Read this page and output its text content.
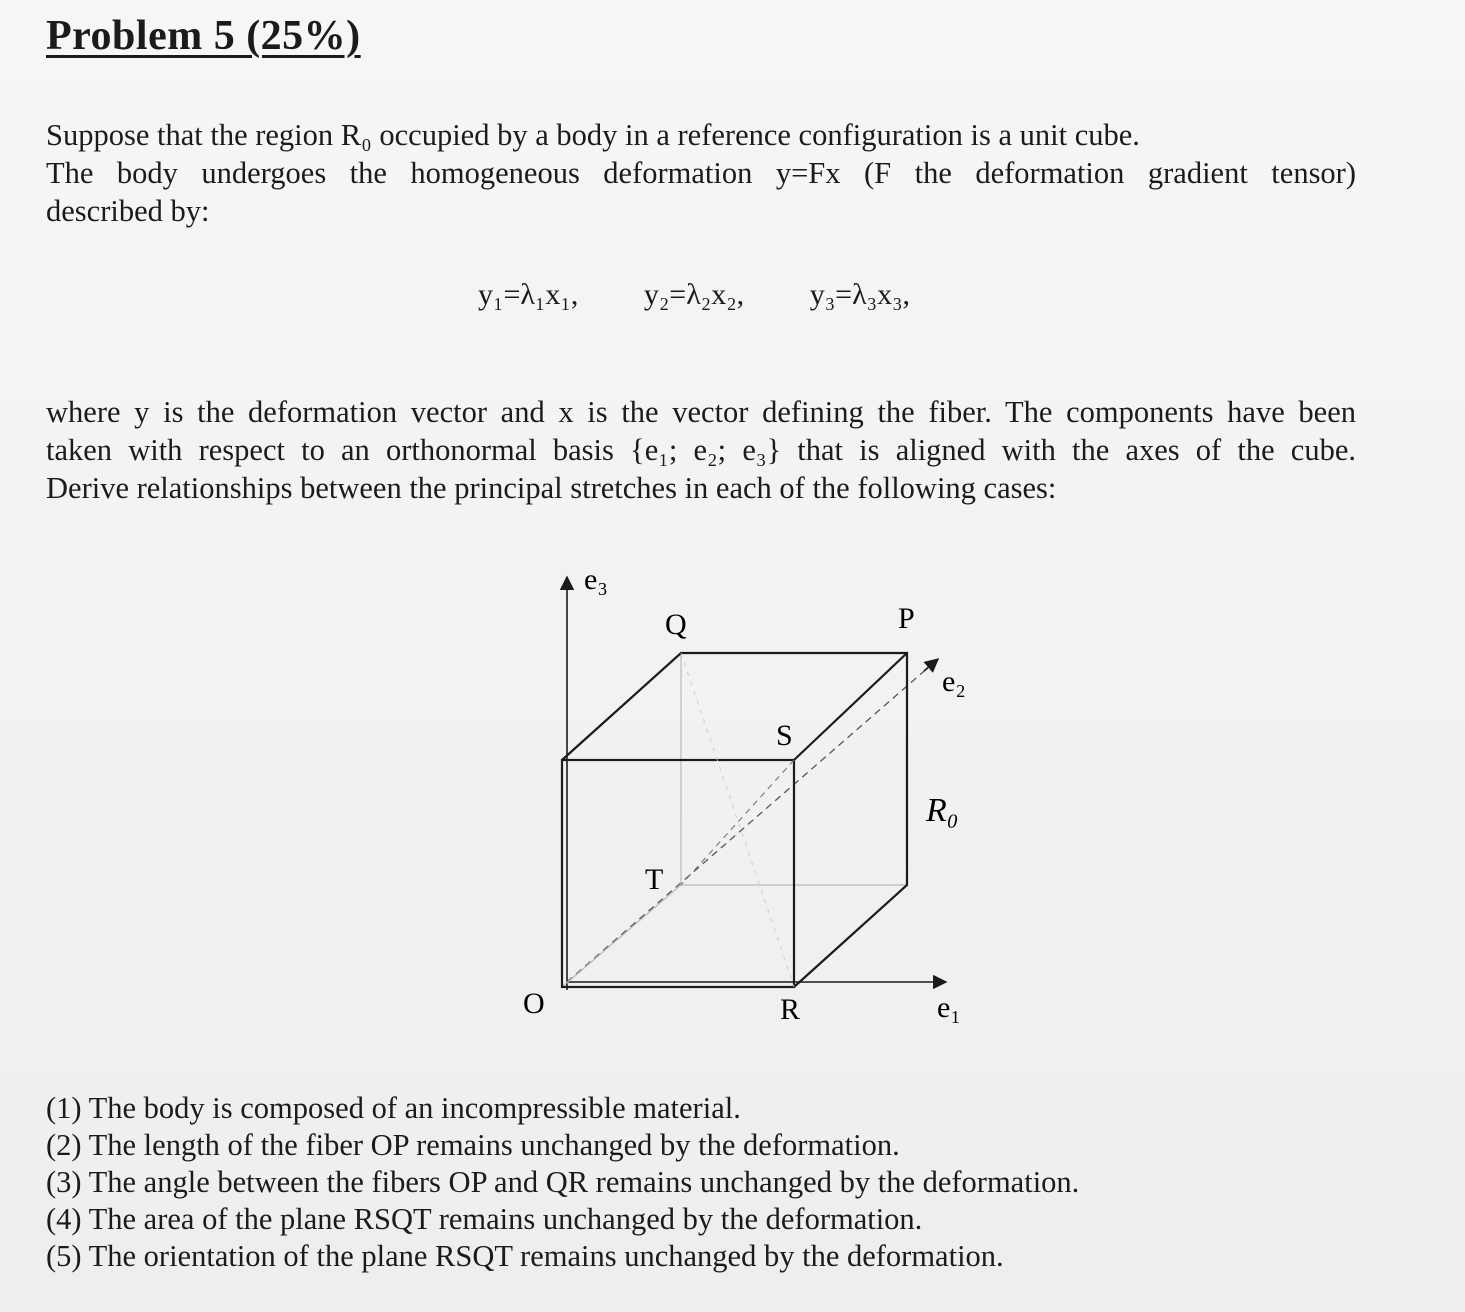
Problem 5 (25%)
Suppose that the region R₀ occupied by a body in a reference configuration is a unit cube.
The body undergoes the homogeneous deformation y=Fx (F the deformation gradient tensor)
described by:
y₁=λ₁x₁, y₂=λ₂x₂, y₃=λ₃x₃,
where y is the deformation vector and x is the vector defining the fiber. The components have been
taken with respect to an orthonormal basis {e₁; e₂; e₃} that is aligned with the axes of the cube.
Derive relationships between the principal stretches in each of the following cases:
e₃
Q	P
e₂
S
R₀
T
O	R	e₁
(1) The body is composed of an incompressible material.
(2) The length of the fiber OP remains unchanged by the deformation.
(3) The angle between the fibers OP and QR remains unchanged by the deformation.
(4) The area of the plane RSQT remains unchanged by the deformation.
(5) The orientation of the plane RSQT remains unchanged by the deformation.
